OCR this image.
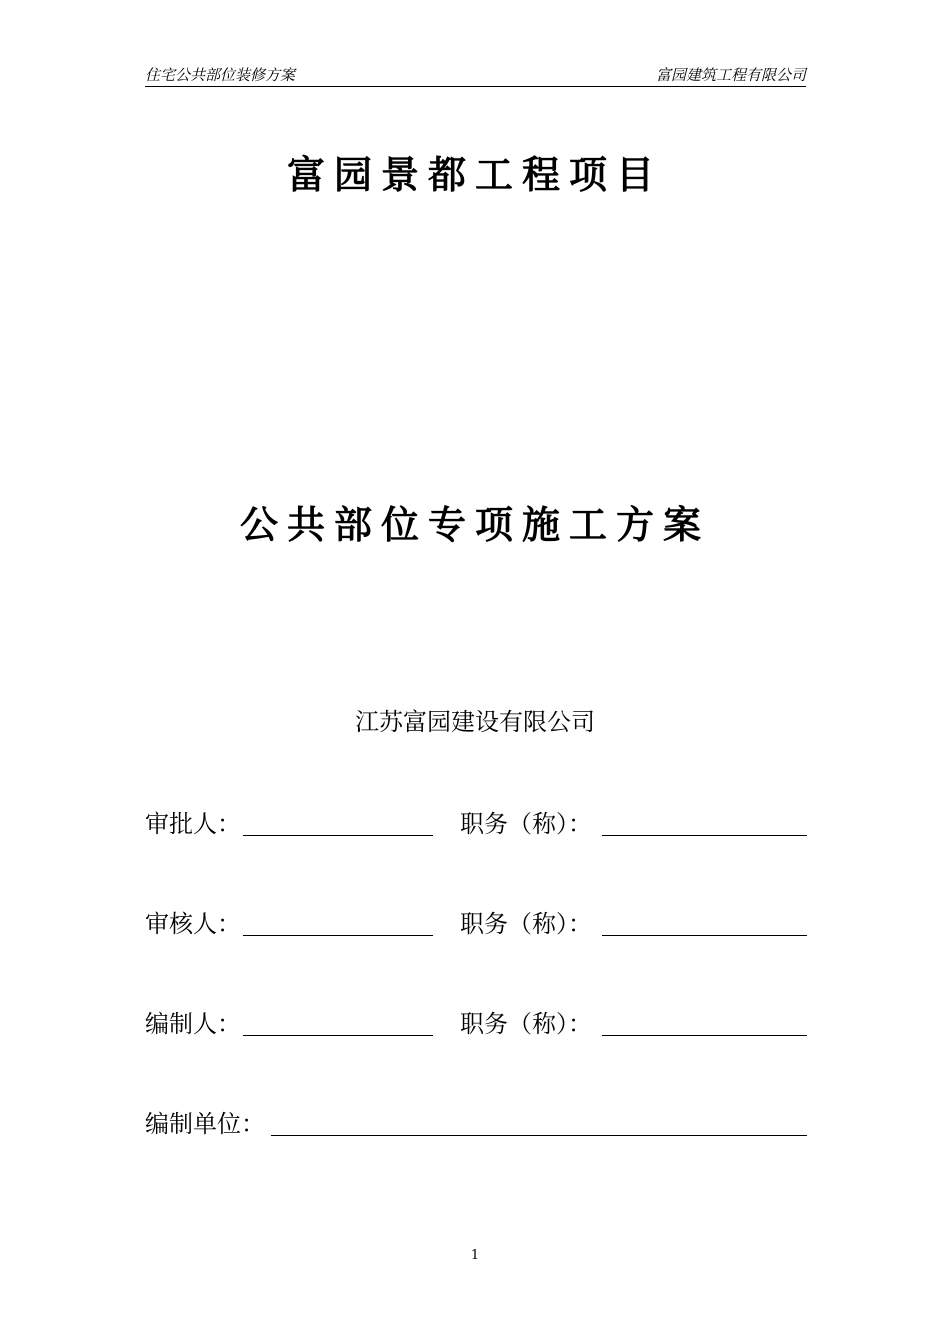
住宅公共部位装修方案	富园建筑工程有限公司
富园景都工程项目
公共部位专项施工方案
江苏富园建设有限公司
审批人：	职务（称）：
审核人：	职务（称）：
编制人：	职务（称）：
编制单位：
1
